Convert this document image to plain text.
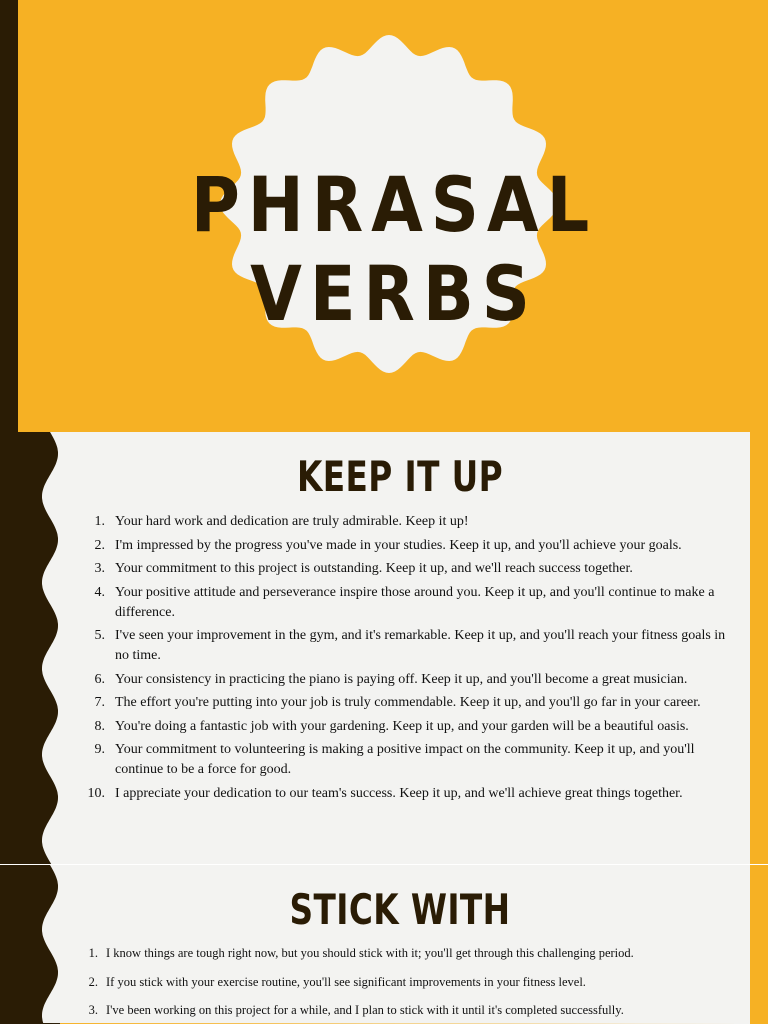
PHRASAL VERBS
KEEP IT UP
1. Your hard work and dedication are truly admirable. Keep it up!
2. I'm impressed by the progress you've made in your studies. Keep it up, and you'll achieve your goals.
3. Your commitment to this project is outstanding. Keep it up, and we'll reach success together.
4. Your positive attitude and perseverance inspire those around you. Keep it up, and you'll continue to make a difference.
5. I've seen your improvement in the gym, and it's remarkable. Keep it up, and you'll reach your fitness goals in no time.
6. Your consistency in practicing the piano is paying off. Keep it up, and you'll become a great musician.
7. The effort you're putting into your job is truly commendable. Keep it up, and you'll go far in your career.
8. You're doing a fantastic job with your gardening. Keep it up, and your garden will be a beautiful oasis.
9. Your commitment to volunteering is making a positive impact on the community. Keep it up, and you'll continue to be a force for good.
10. I appreciate your dedication to our team's success. Keep it up, and we'll achieve great things together.
STICK WITH
1. I know things are tough right now, but you should stick with it; you'll get through this challenging period.
2. If you stick with your exercise routine, you'll see significant improvements in your fitness level.
3. I've been working on this project for a while, and I plan to stick with it until it's completed successfully.
